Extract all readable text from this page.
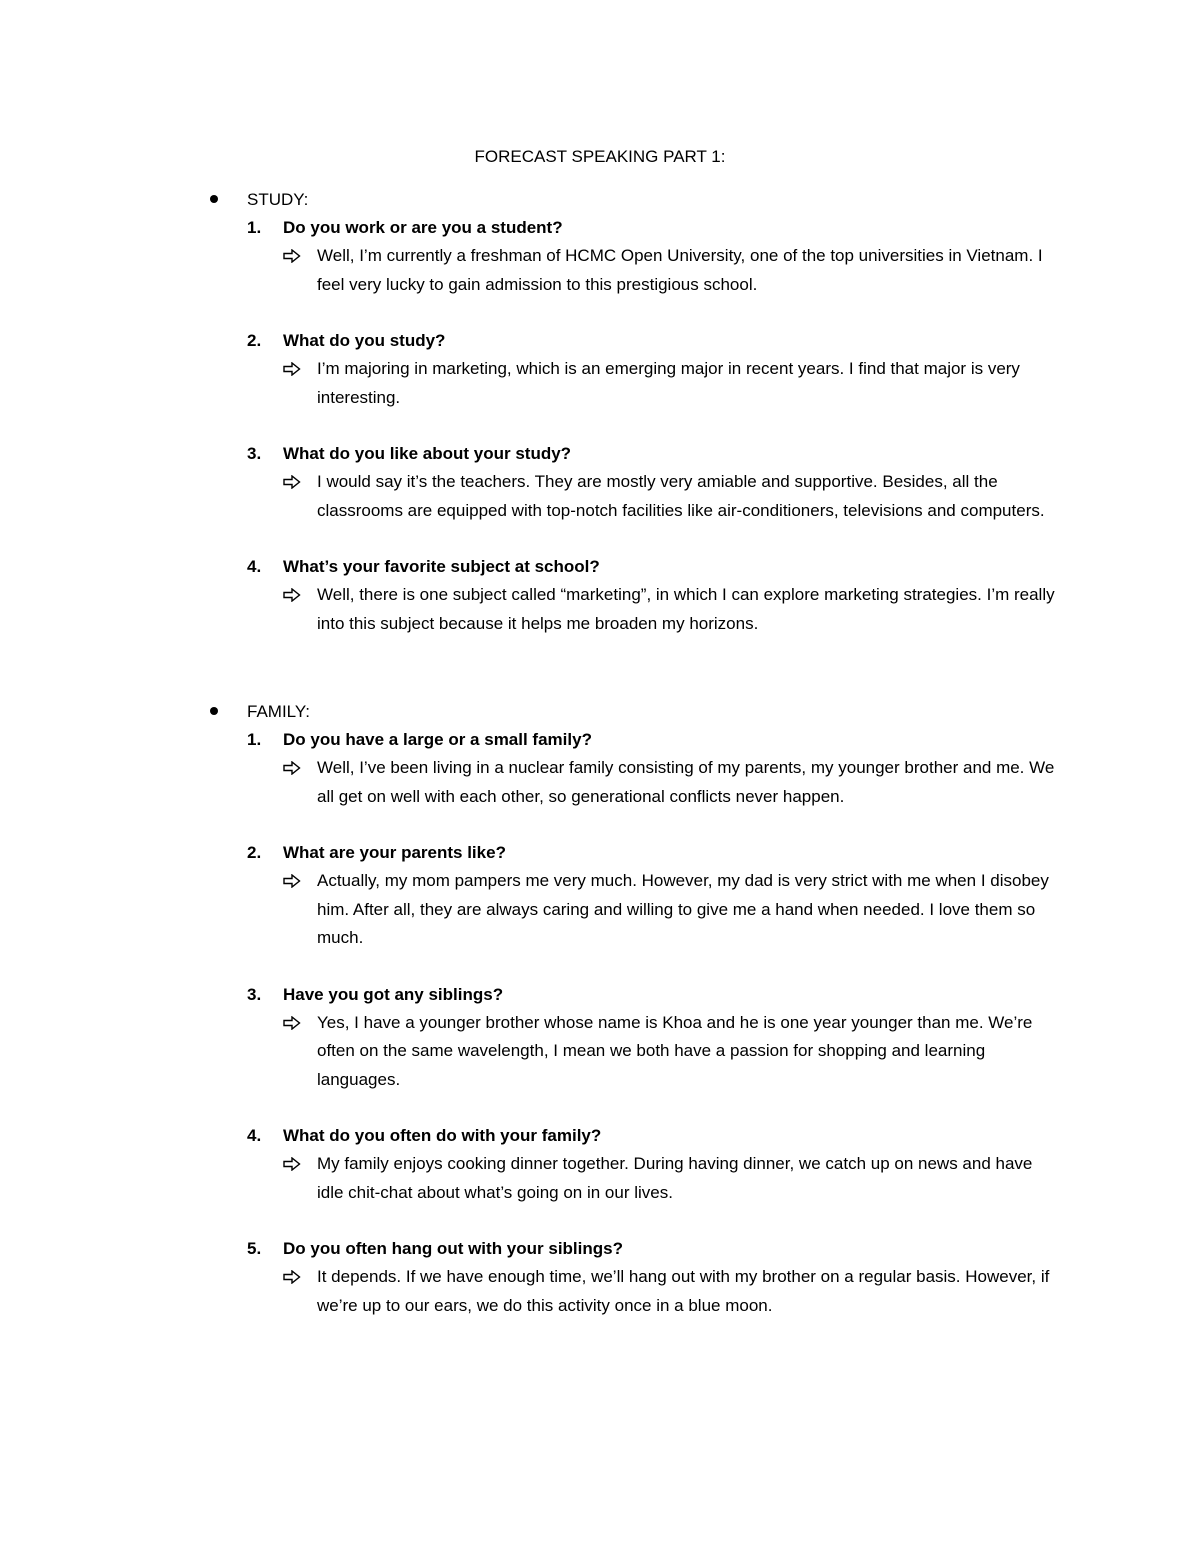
FORECAST SPEAKING PART 1:
STUDY:
1. Do you work or are you a student?
Well, I’m currently a freshman of HCMC Open University, one of the top universities in Vietnam. I feel very lucky to gain admission to this prestigious school.
2. What do you study?
I’m majoring in marketing, which is an emerging major in recent years. I find that major is very interesting.
3. What do you like about your study?
I would say it’s the teachers. They are mostly very amiable and supportive. Besides, all the classrooms are equipped with top-notch facilities like air-conditioners, televisions and computers.
4. What’s your favorite subject at school?
Well, there is one subject called “marketing”, in which I can explore marketing strategies. I’m really into this subject because it helps me broaden my horizons.
FAMILY:
1. Do you have a large or a small family?
Well, I’ve been living in a nuclear family consisting of my parents, my younger brother and me. We all get on well with each other, so generational conflicts never happen.
2. What are your parents like?
Actually, my mom pampers me very much. However, my dad is very strict with me when I disobey him. After all, they are always caring and willing to give me a hand when needed. I love them so much.
3. Have you got any siblings?
Yes, I have a younger brother whose name is Khoa and he is one year younger than me. We’re often on the same wavelength, I mean we both have a passion for shopping and learning languages.
4. What do you often do with your family?
My family enjoys cooking dinner together. During having dinner, we catch up on news and have idle chit-chat about what’s going on in our lives.
5. Do you often hang out with your siblings?
It depends. If we have enough time, we’ll hang out with my brother on a regular basis. However, if we’re up to our ears, we do this activity once in a blue moon.
